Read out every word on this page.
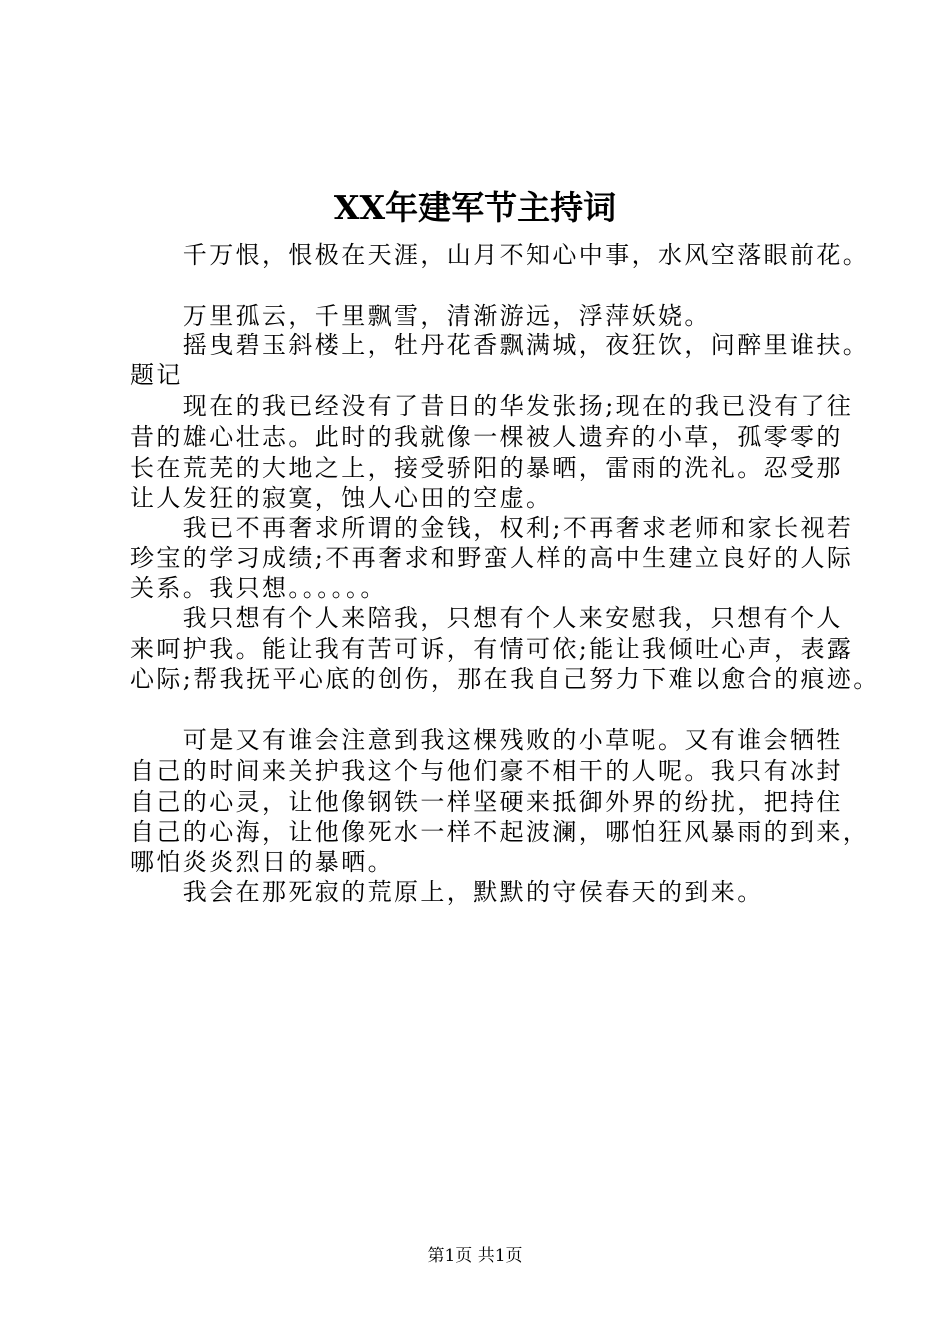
XX年建军节主持词
　　千万恨，恨极在天涯，山月不知心中事，水风空落眼前花。
　　万里孤云，千里飘雪，清渐游远，浮萍妖娆。
　　摇曳碧玉斜楼上，牡丹花香飘满城，夜狂饮，问醉里谁扶。
题记
　　现在的我已经没有了昔日的华发张扬;现在的我已没有了往
昔的雄心壮志。此时的我就像一棵被人遗弃的小草，孤零零的
长在荒芜的大地之上，接受骄阳的暴晒，雷雨的洗礼。忍受那
让人发狂的寂寞，蚀人心田的空虚。
　　我已不再奢求所谓的金钱，权利;不再奢求老师和家长视若
珍宝的学习成绩;不再奢求和野蛮人样的高中生建立良好的人际
关系。我只想。。。。。。
　　我只想有个人来陪我，只想有个人来安慰我，只想有个人
来呵护我。能让我有苦可诉，有情可依;能让我倾吐心声，表露
心际;帮我抚平心底的创伤，那在我自己努力下难以愈合的痕迹。
　　可是又有谁会注意到我这棵残败的小草呢。又有谁会牺牲
自己的时间来关护我这个与他们豪不相干的人呢。我只有冰封
自己的心灵，让他像钢铁一样坚硬来抵御外界的纷扰，把持住
自己的心海，让他像死水一样不起波澜，哪怕狂风暴雨的到来，
哪怕炎炎烈日的暴晒。
　　我会在那死寂的荒原上，默默的守侯春天的到来。
第1页 共1页
